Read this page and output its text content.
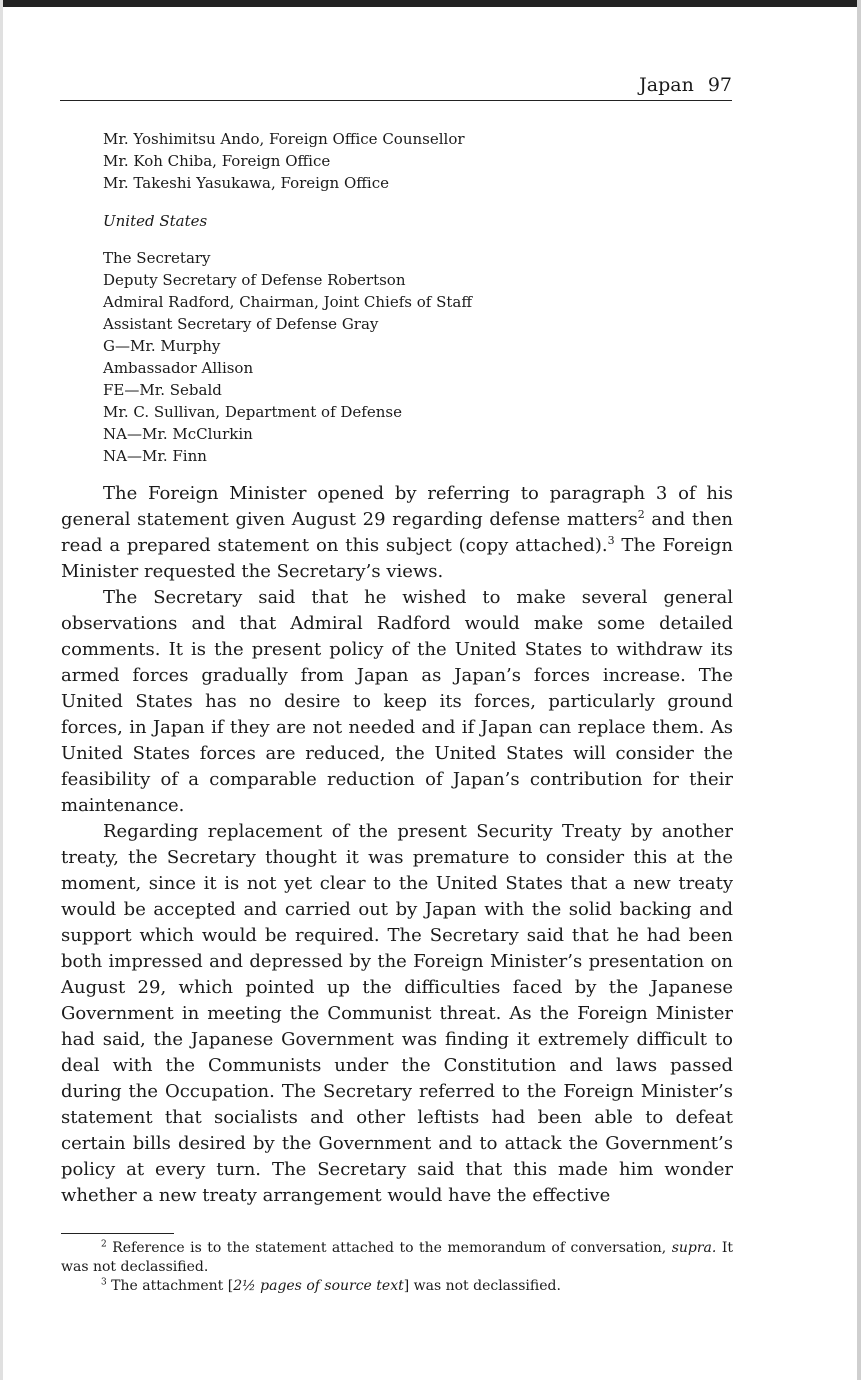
Japan 97
Mr. Yoshimitsu Ando, Foreign Office Counsellor
Mr. Koh Chiba, Foreign Office
Mr. Takeshi Yasukawa, Foreign Office
United States
The Secretary
Deputy Secretary of Defense Robertson
Admiral Radford, Chairman, Joint Chiefs of Staff
Assistant Secretary of Defense Gray
G—Mr. Murphy
Ambassador Allison
FE—Mr. Sebald
Mr. C. Sullivan, Department of Defense
NA—Mr. McClurkin
NA—Mr. Finn

The Foreign Minister opened by referring to paragraph 3 of his general statement given August 29 regarding defense matters$^2$ and then read a prepared statement on this subject (copy attached).$^3$ The Foreign Minister requested the Secretary’s views.

The Secretary said that he wished to make several general observations and that Admiral Radford would make some detailed comments. It is the present policy of the United States to withdraw its armed forces gradually from Japan as Japan’s forces increase. The United States has no desire to keep its forces, particularly ground forces, in Japan if they are not needed and if Japan can replace them. As United States forces are reduced, the United States will consider the feasibility of a comparable reduction of Japan’s contribution for their maintenance.

Regarding replacement of the present Security Treaty by another treaty, the Secretary thought it was premature to consider this at the moment, since it is not yet clear to the United States that a new treaty would be accepted and carried out by Japan with the solid backing and support which would be required. The Secretary said that he had been both impressed and depressed by the Foreign Minister’s presentation on August 29, which pointed up the difficulties faced by the Japanese Government in meeting the Communist threat. As the Foreign Minister had said, the Japanese Government was finding it extremely difficult to deal with the Communists under the Constitution and laws passed during the Occupation. The Secretary referred to the Foreign Minister’s statement that socialists and other leftists had been able to defeat certain bills desired by the Government and to attack the Government’s policy at every turn. The Secretary said that this made him wonder whether a new treaty arrangement would have the effective

$^2$ Reference is to the statement attached to the memorandum of conversation, supra. It was not declassified.

$^3$ The attachment [2½ pages of source text] was not declassified.
